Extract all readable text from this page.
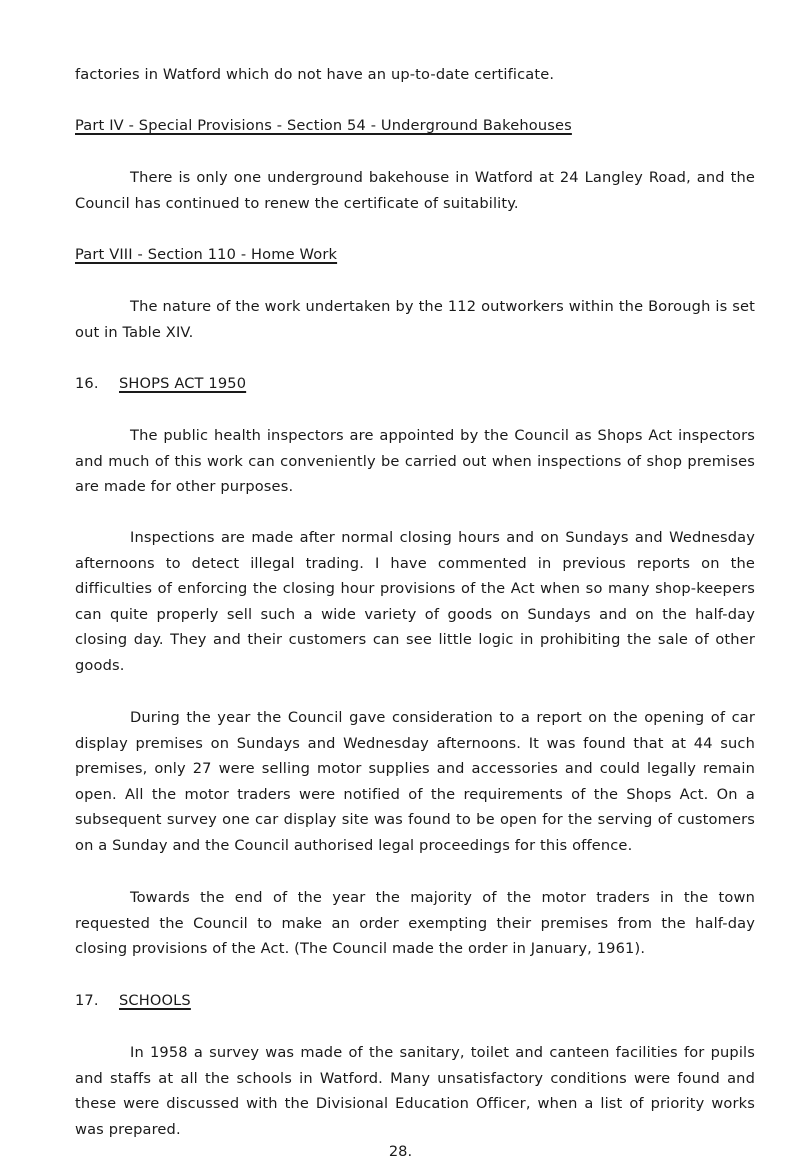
factories in Watford which do not have an up-to-date certificate.

Part IV - Special Provisions - Section 54 - Underground Bakehouses

There is only one underground bakehouse in Watford at 24 Langley Road, and the Council has continued to renew the certificate of suitability.

Part VIII - Section 110 - Home Work

The nature of the work undertaken by the 112 outworkers within the Borough is set out in Table XIV.

16. SHOPS ACT 1950

The public health inspectors are appointed by the Council as Shops Act inspectors and much of this work can conveniently be carried out when inspections of shop premises are made for other purposes.

Inspections are made after normal closing hours and on Sundays and Wednesday afternoons to detect illegal trading. I have commented in previous reports on the difficulties of enforcing the closing hour provisions of the Act when so many shop-keepers can quite properly sell such a wide variety of goods on Sundays and on the half-day closing day. They and their customers can see little logic in prohibiting the sale of other goods.

During the year the Council gave consideration to a report on the opening of car display premises on Sundays and Wednesday afternoons. It was found that at 44 such premises, only 27 were selling motor supplies and accessories and could legally remain open. All the motor traders were notified of the requirements of the Shops Act. On a subsequent survey one car display site was found to be open for the serving of customers on a Sunday and the Council authorised legal proceedings for this offence.

Towards the end of the year the majority of the motor traders in the town requested the Council to make an order exempting their premises from the half-day closing provisions of the Act. (The Council made the order in January, 1961).

17. SCHOOLS

In 1958 a survey was made of the sanitary, toilet and canteen facilities for pupils and staffs at all the schools in Watford. Many unsatisfactory conditions were found and these were discussed with the Divisional Education Officer, when a list of priority works was prepared.

28.
